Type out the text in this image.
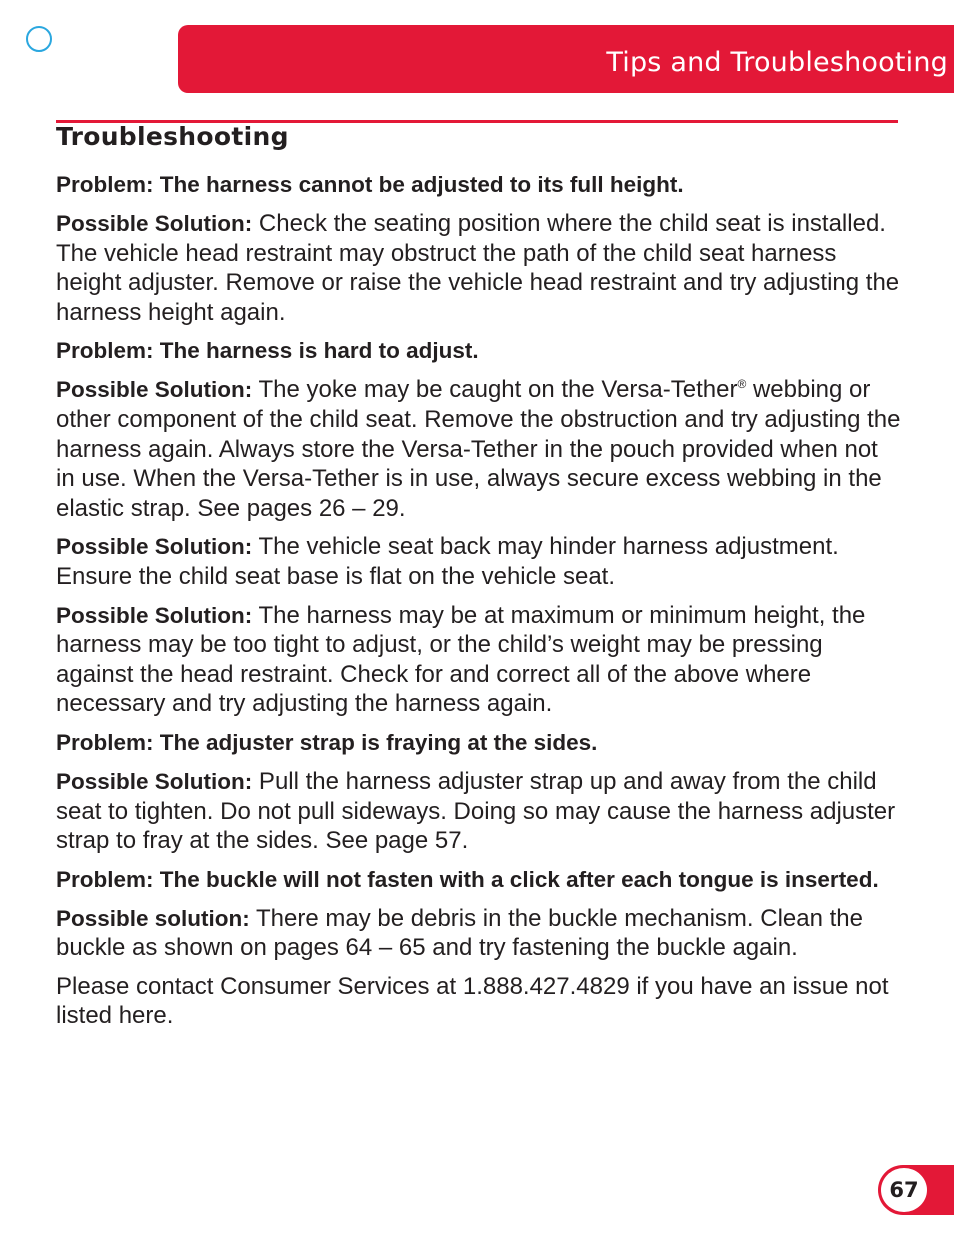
Tips and Troubleshooting
Troubleshooting

Problem: The harness cannot be adjusted to its full height.

Possible Solution: Check the seating position where the child seat is installed. The vehicle head restraint may obstruct the path of the child seat harness height adjuster. Remove or raise the vehicle head restraint and try adjusting the harness height again.

Problem: The harness is hard to adjust.

Possible Solution: The yoke may be caught on the Versa-Tether® webbing or other component of the child seat. Remove the obstruction and try adjusting the harness again. Always store the Versa-Tether in the pouch provided when not in use. When the Versa-Tether is in use, always secure excess webbing in the elastic strap. See pages 26 – 29.

Possible Solution: The vehicle seat back may hinder harness adjustment. Ensure the child seat base is flat on the vehicle seat.

Possible Solution: The harness may be at maximum or minimum height, the harness may be too tight to adjust, or the child’s weight may be pressing against the head restraint. Check for and correct all of the above where necessary and try adjusting the harness again.

Problem: The adjuster strap is fraying at the sides.

Possible Solution: Pull the harness adjuster strap up and away from the child seat to tighten. Do not pull sideways. Doing so may cause the harness adjuster strap to fray at the sides. See page 57.

Problem: The buckle will not fasten with a click after each tongue is inserted.

Possible solution: There may be debris in the buckle mechanism. Clean the buckle as shown on pages 64 – 65 and try fastening the buckle again.

Please contact Consumer Services at 1.888.427.4829 if you have an issue not listed here.

67
